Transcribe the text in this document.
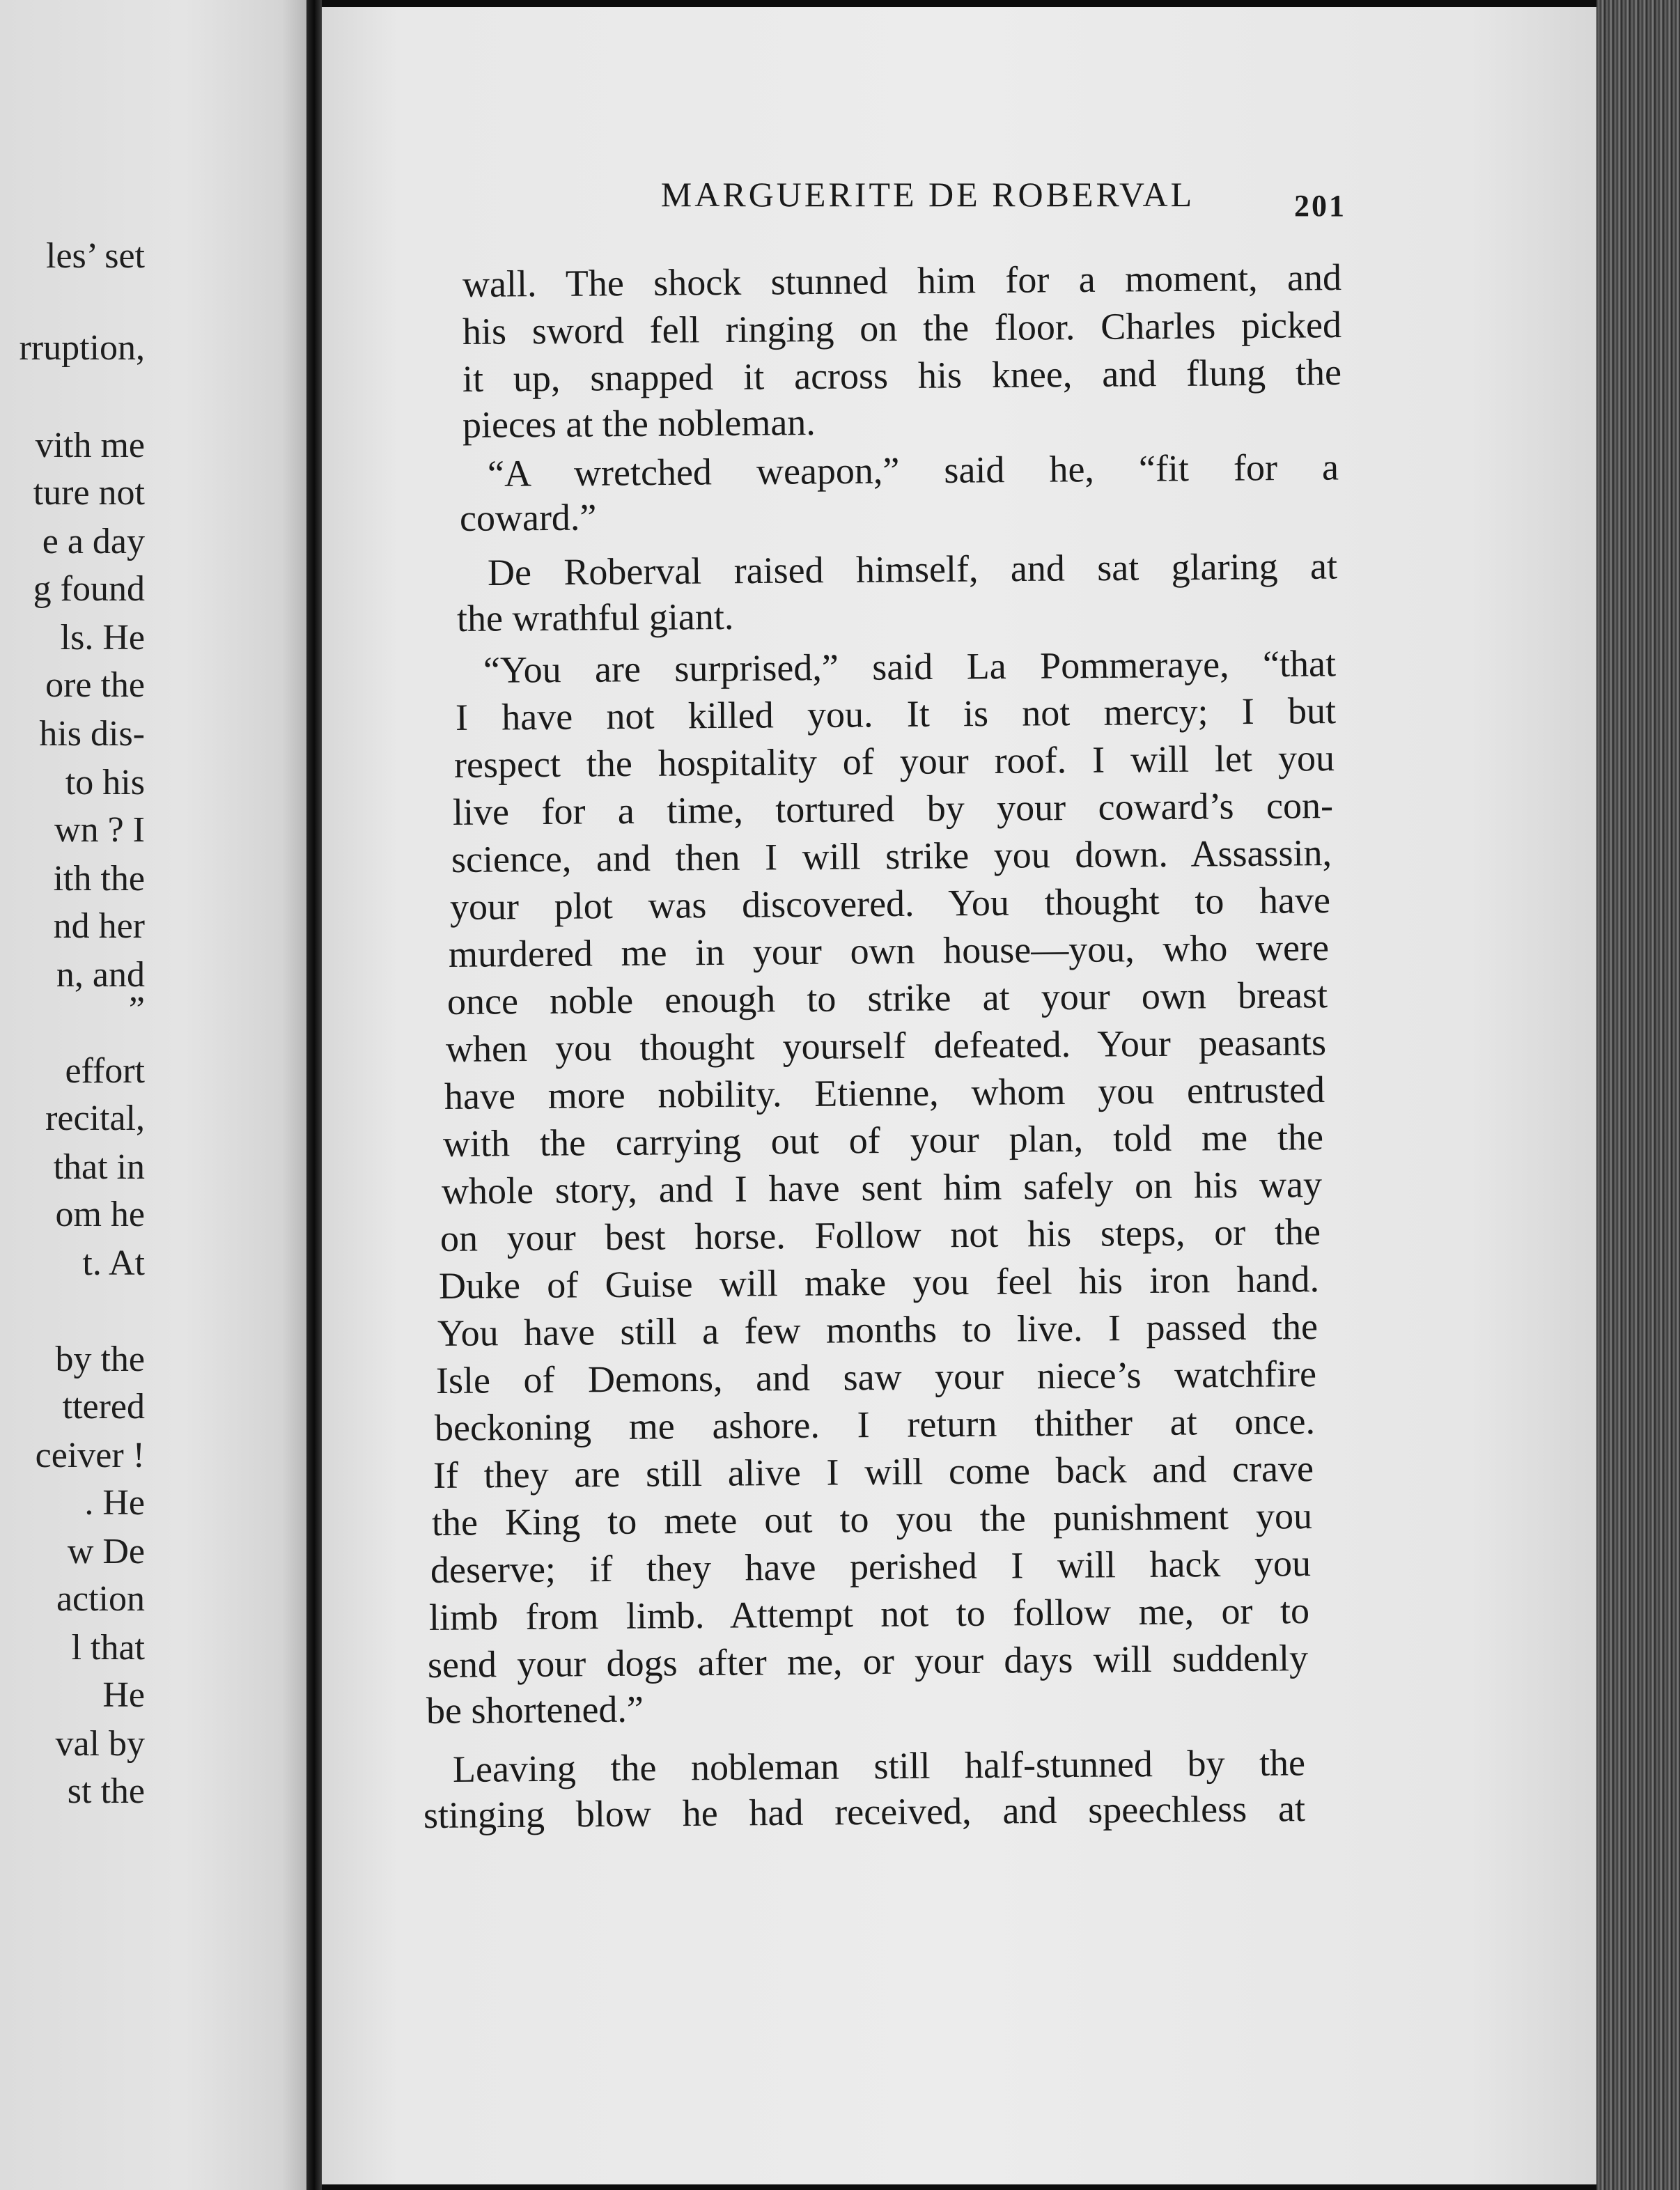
les’ set
rruption,
vith me
ture not
e a day
g found
ls. He
ore the
his dis-
to his
wn ? I
ith the
nd her
n, and
”
effort
recital,
that in
om he
t. At
by the
ttered
ceiver !
. He
w De
action
l that
He
val by
st the
MARGUERITE DE ROBERVAL	201
wall. The shock stunned him for a moment, and
his sword fell ringing on the floor. Charles picked
it up, snapped it across his knee, and flung the
pieces at the nobleman.
“A wretched weapon,” said he, “fit for a
coward.”
De Roberval raised himself, and sat glaring at
the wrathful giant.
“You are surprised,” said La Pommeraye, “that
I have not killed you. It is not mercy; I but
respect the hospitality of your roof. I will let you
live for a time, tortured by your coward’s con-
science, and then I will strike you down. Assassin,
your plot was discovered. You thought to have
murdered me in your own house—you, who were
once noble enough to strike at your own breast
when you thought yourself defeated. Your peasants
have more nobility. Etienne, whom you entrusted
with the carrying out of your plan, told me the
whole story, and I have sent him safely on his way
on your best horse. Follow not his steps, or the
Duke of Guise will make you feel his iron hand.
You have still a few months to live. I passed the
Isle of Demons, and saw your niece’s watchfire
beckoning me ashore. I return thither at once.
If they are still alive I will come back and crave
the King to mete out to you the punishment you
deserve; if they have perished I will hack you
limb from limb. Attempt not to follow me, or to
send your dogs after me, or your days will suddenly
be shortened.”
Leaving the nobleman still half-stunned by the
stinging blow he had received, and speechless at
